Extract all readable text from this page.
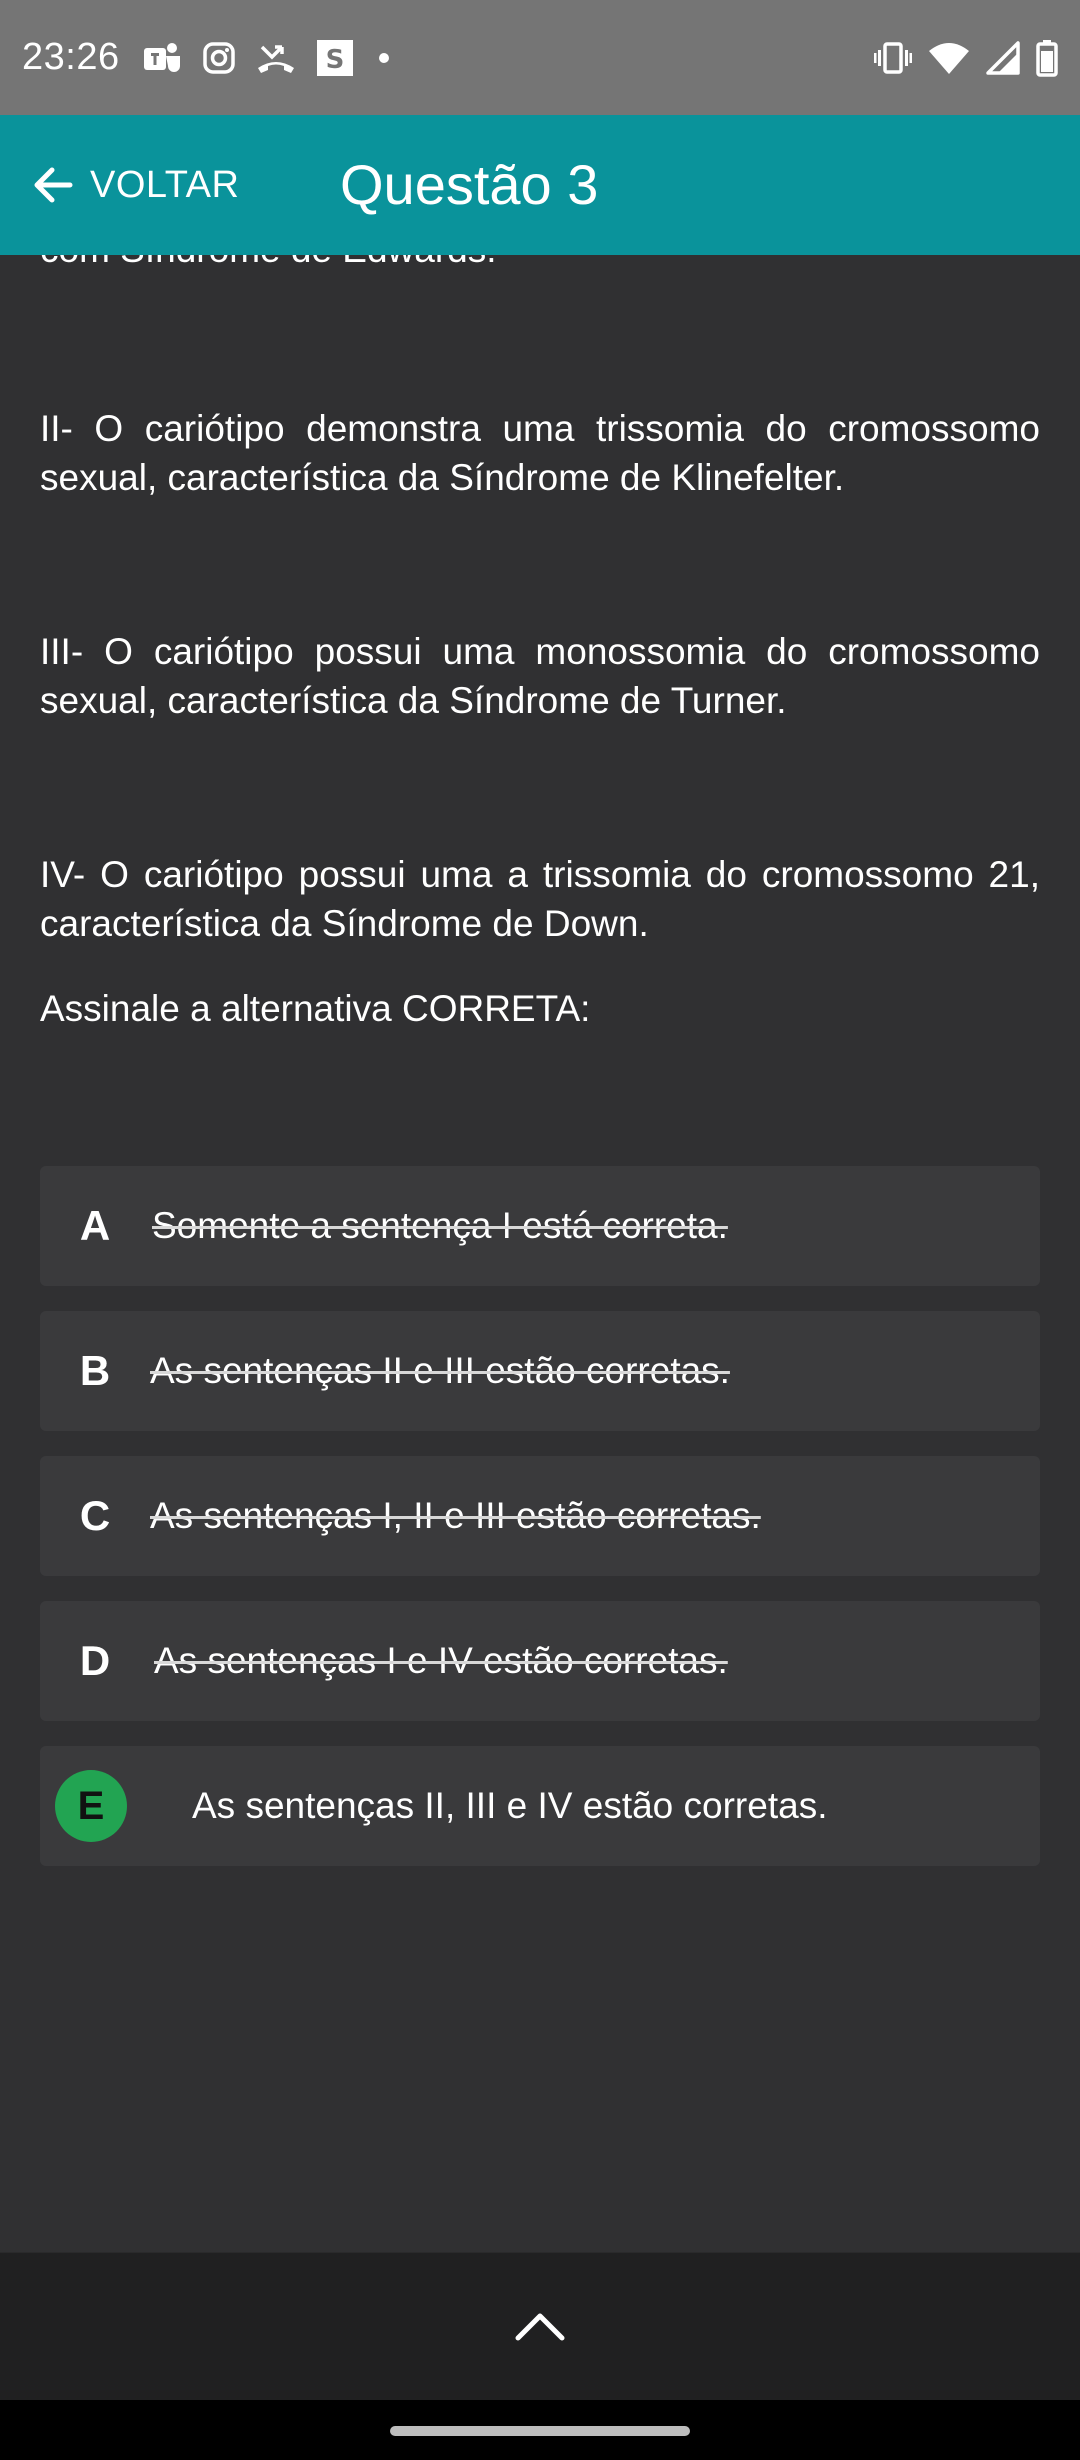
23:26	S
VOLTAR Questão 3
II- O cariótipo demonstra uma trissomia do cromossomo sexual, característica da Síndrome de Klinefelter.
III- O cariótipo possui uma monossomia do cromossomo sexual, característica da Síndrome de Turner.
IV- O cariótipo possui uma a trissomia do cromossomo 21, característica da Síndrome de Down.
Assinale a alternativa CORRETA:
A	Somente a sentença I está correta.
B	As sentenças II e III estão corretas.
C	As sentenças I, II e III estão corretas.
D	As sentenças I e IV estão corretas.
E	As sentenças II, III e IV estão corretas.
